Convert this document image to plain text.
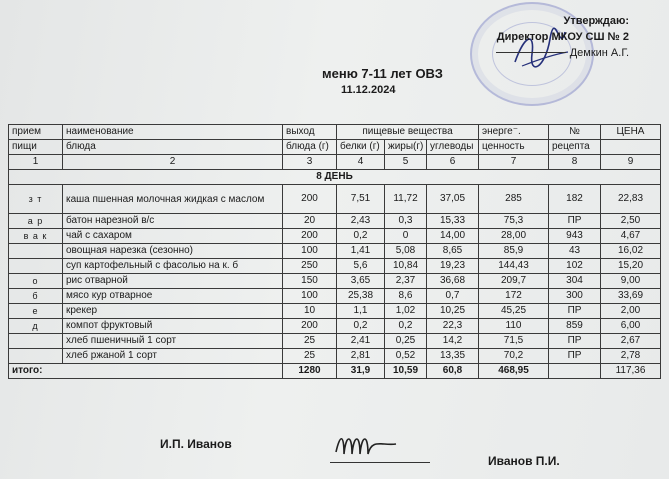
Утверждаю:
Директор МКОУ СШ № 2
Демкин А.Г.
меню 7-11 лет ОВЗ
11.12.2024
прием	наименование	выход	пищевые вещества			энерге⁻.	№	ЦЕНА
пищи	блюда	блюда (г)	белки (г)	жиры(г)	углеводы	ценность	рецепта	
1	2	3	4	5	6	7	8	9
8 ДЕНЬ								
з т	каша пшенная молочная жидкая с маслом	200	7,51	11,72	37,05	285	182	22,83
а р	батон нарезной в/с	20	2,43	0,3	15,33	75,3	ПР	2,50
в а к	чай с сахаром	200	0,2	0	14,00	28,00	943	4,67
	овощная нарезка (сезонно)	100	1,41	5,08	8,65	85,9	43	16,02
	суп картофельный с фасолью на к. б	250	5,6	10,84	19,23	144,43	102	15,20
о	рис отварной	150	3,65	2,37	36,68	209,7	304	9,00
б	мясо кур отварное	100	25,38	8,6	0,7	172	300	33,69
е	крекер	10	1,1	1,02	10,25	45,25	ПР	2,00
д	компот фруктовый	200	0,2	0,2	22,3	110	859	6,00
	хлеб пшеничный 1 сорт	25	2,41	0,25	14,2	71,5	ПР	2,67
	хлеб ржаной 1 сорт	25	2,81	0,52	13,35	70,2	ПР	2,78
итого:		1280	31,9	10,59	60,8	468,95		117,36
И.П. Иванов
Иванов П.И.
